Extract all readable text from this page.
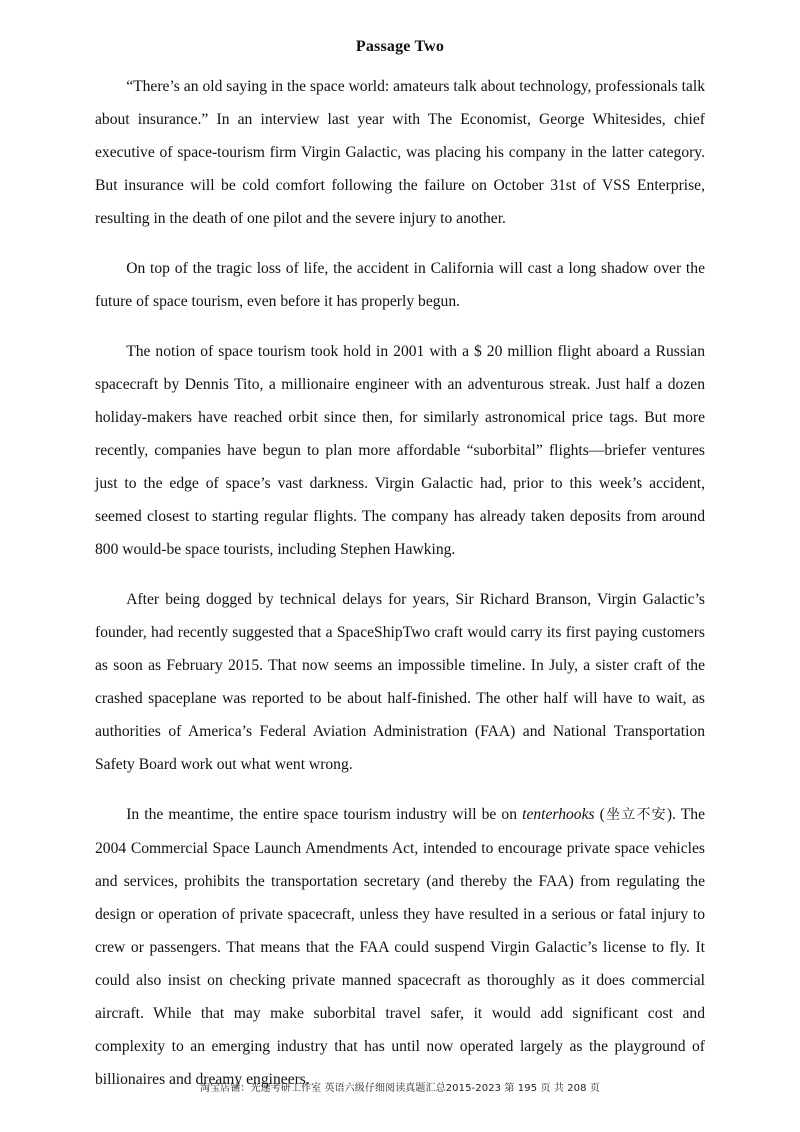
Passage Two

“There’s an old saying in the space world: amateurs talk about technology, professionals talk about insurance.” In an interview last year with The Economist, George Whitesides, chief executive of space-tourism firm Virgin Galactic, was placing his company in the latter category. But insurance will be cold comfort following the failure on October 31st of VSS Enterprise, resulting in the death of one pilot and the severe injury to another.

On top of the tragic loss of life, the accident in California will cast a long shadow over the future of space tourism, even before it has properly begun.

The notion of space tourism took hold in 2001 with a $ 20 million flight aboard a Russian spacecraft by Dennis Tito, a millionaire engineer with an adventurous streak. Just half a dozen holiday-makers have reached orbit since then, for similarly astronomical price tags. But more recently, companies have begun to plan more affordable “suborbital” flights—briefer ventures just to the edge of space’s vast darkness. Virgin Galactic had, prior to this week’s accident, seemed closest to starting regular flights. The company has already taken deposits from around 800 would-be space tourists, including Stephen Hawking.

After being dogged by technical delays for years, Sir Richard Branson, Virgin Galactic’s founder, had recently suggested that a SpaceShipTwo craft would carry its first paying customers as soon as February 2015. That now seems an impossible timeline. In July, a sister craft of the crashed spaceplane was reported to be about half-finished. The other half will have to wait, as authorities of America’s Federal Aviation Administration (FAA) and National Transportation Safety Board work out what went wrong.

In the meantime, the entire space tourism industry will be on tenterhooks (坐立不安). The 2004 Commercial Space Launch Amendments Act, intended to encourage private space vehicles and services, prohibits the transportation secretary (and thereby the FAA) from regulating the design or operation of private spacecraft, unless they have resulted in a serious or fatal injury to crew or passengers. That means that the FAA could suspend Virgin Galactic’s license to fly. It could also insist on checking private manned spacecraft as thoroughly as it does commercial aircraft. While that may make suborbital travel safer, it would add significant cost and complexity to an emerging industry that has until now operated largely as the playground of billionaires and dreamy engineers.

淘宝店铺：光速考研工作室 英语六级仔细阅读真题汇总2015-2023 第 195 页 共 208 页
